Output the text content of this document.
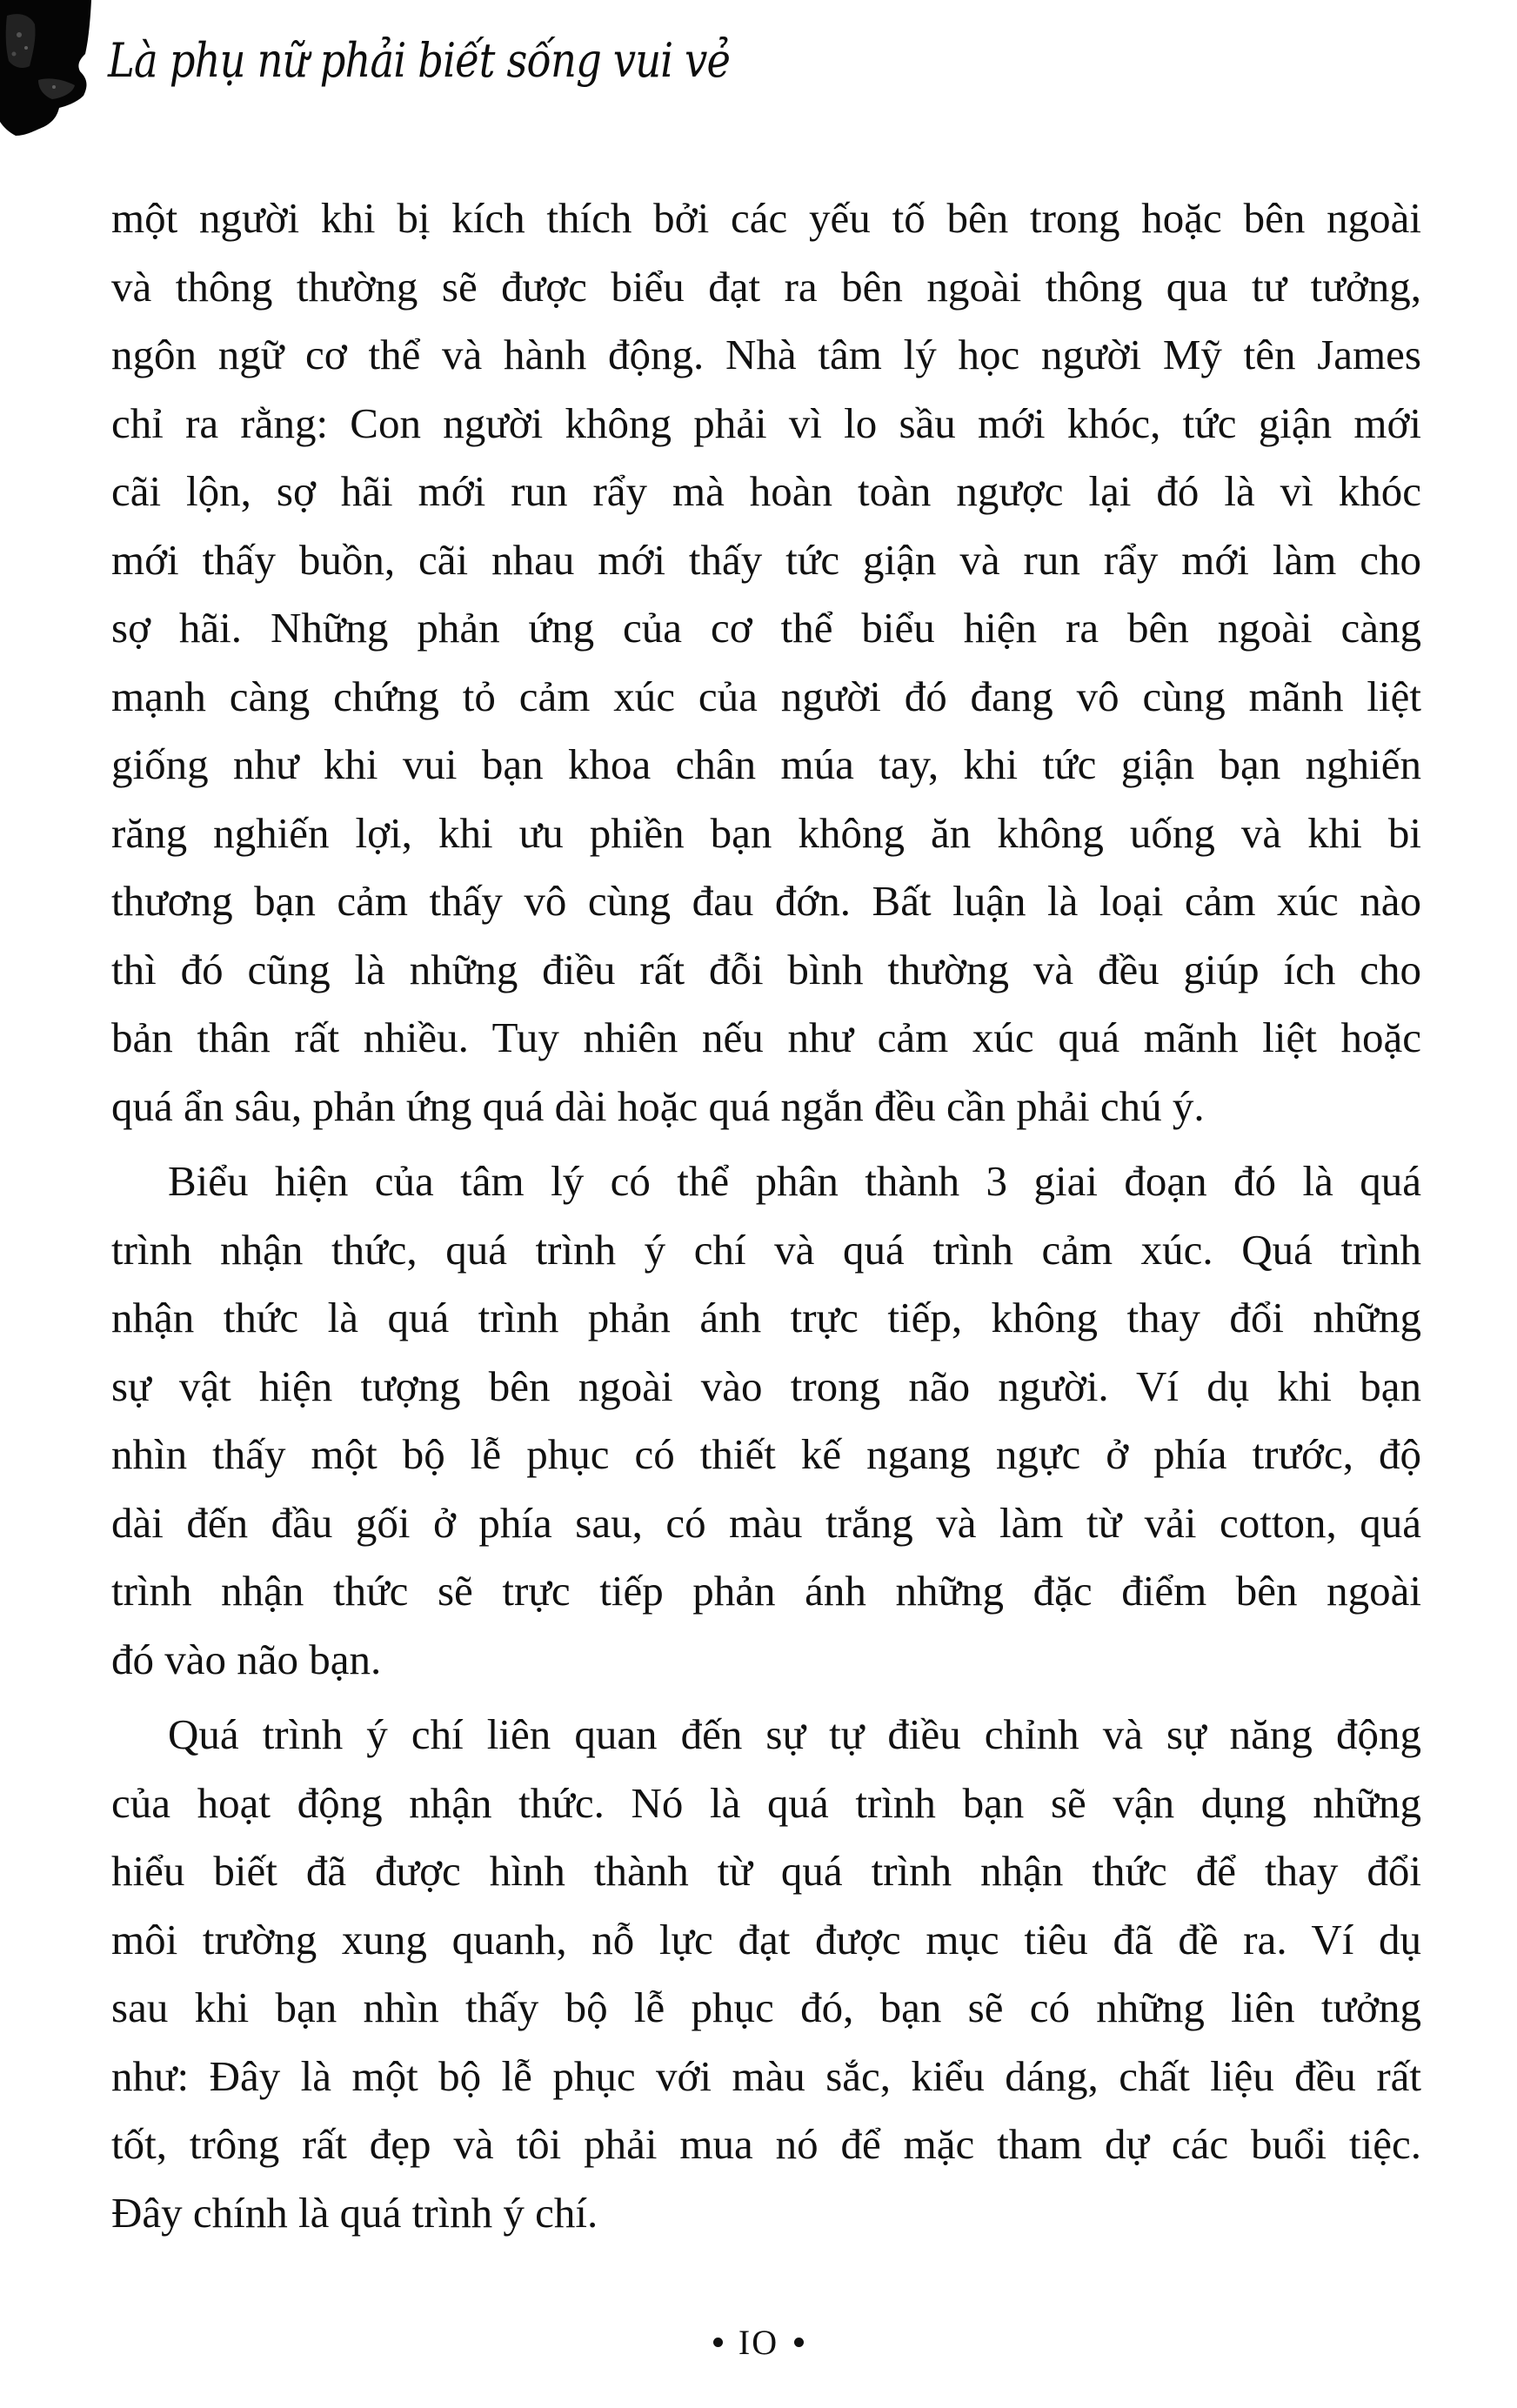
Là phụ nữ phải biết sống vui vẻ
một người khi bị kích thích bởi các yếu tố bên trong hoặc bên ngoài
và thông thường sẽ được biểu đạt ra bên ngoài thông qua tư tưởng,
ngôn ngữ cơ thể và hành động. Nhà tâm lý học người Mỹ tên James
chỉ ra rằng: Con người không phải vì lo sầu mới khóc, tức giận mới
cãi lộn, sợ hãi mới run rẩy mà hoàn toàn ngược lại đó là vì khóc
mới thấy buồn, cãi nhau mới thấy tức giận và run rẩy mới làm cho
sợ hãi. Những phản ứng của cơ thể biểu hiện ra bên ngoài càng
mạnh càng chứng tỏ cảm xúc của người đó đang vô cùng mãnh liệt
giống như khi vui bạn khoa chân múa tay, khi tức giận bạn nghiến
răng nghiến lợi, khi ưu phiền bạn không ăn không uống và khi bi
thương bạn cảm thấy vô cùng đau đớn. Bất luận là loại cảm xúc nào
thì đó cũng là những điều rất đỗi bình thường và đều giúp ích cho
bản thân rất nhiều. Tuy nhiên nếu như cảm xúc quá mãnh liệt hoặc
quá ẩn sâu, phản ứng quá dài hoặc quá ngắn đều cần phải chú ý.
Biểu hiện của tâm lý có thể phân thành 3 giai đoạn đó là quá
trình nhận thức, quá trình ý chí và quá trình cảm xúc. Quá trình
nhận thức là quá trình phản ánh trực tiếp, không thay đổi những
sự vật hiện tượng bên ngoài vào trong não người. Ví dụ khi bạn
nhìn thấy một bộ lễ phục có thiết kế ngang ngực ở phía trước, độ
dài đến đầu gối ở phía sau, có màu trắng và làm từ vải cotton, quá
trình nhận thức sẽ trực tiếp phản ánh những đặc điểm bên ngoài
đó vào não bạn.
Quá trình ý chí liên quan đến sự tự điều chỉnh và sự năng động
của hoạt động nhận thức. Nó là quá trình bạn sẽ vận dụng những
hiểu biết đã được hình thành từ quá trình nhận thức để thay đổi
môi trường xung quanh, nỗ lực đạt được mục tiêu đã đề ra. Ví dụ
sau khi bạn nhìn thấy bộ lễ phục đó, bạn sẽ có những liên tưởng
như: Đây là một bộ lễ phục với màu sắc, kiểu dáng, chất liệu đều rất
tốt, trông rất đẹp và tôi phải mua nó để mặc tham dự các buổi tiệc.
Đây chính là quá trình ý chí.
IO
